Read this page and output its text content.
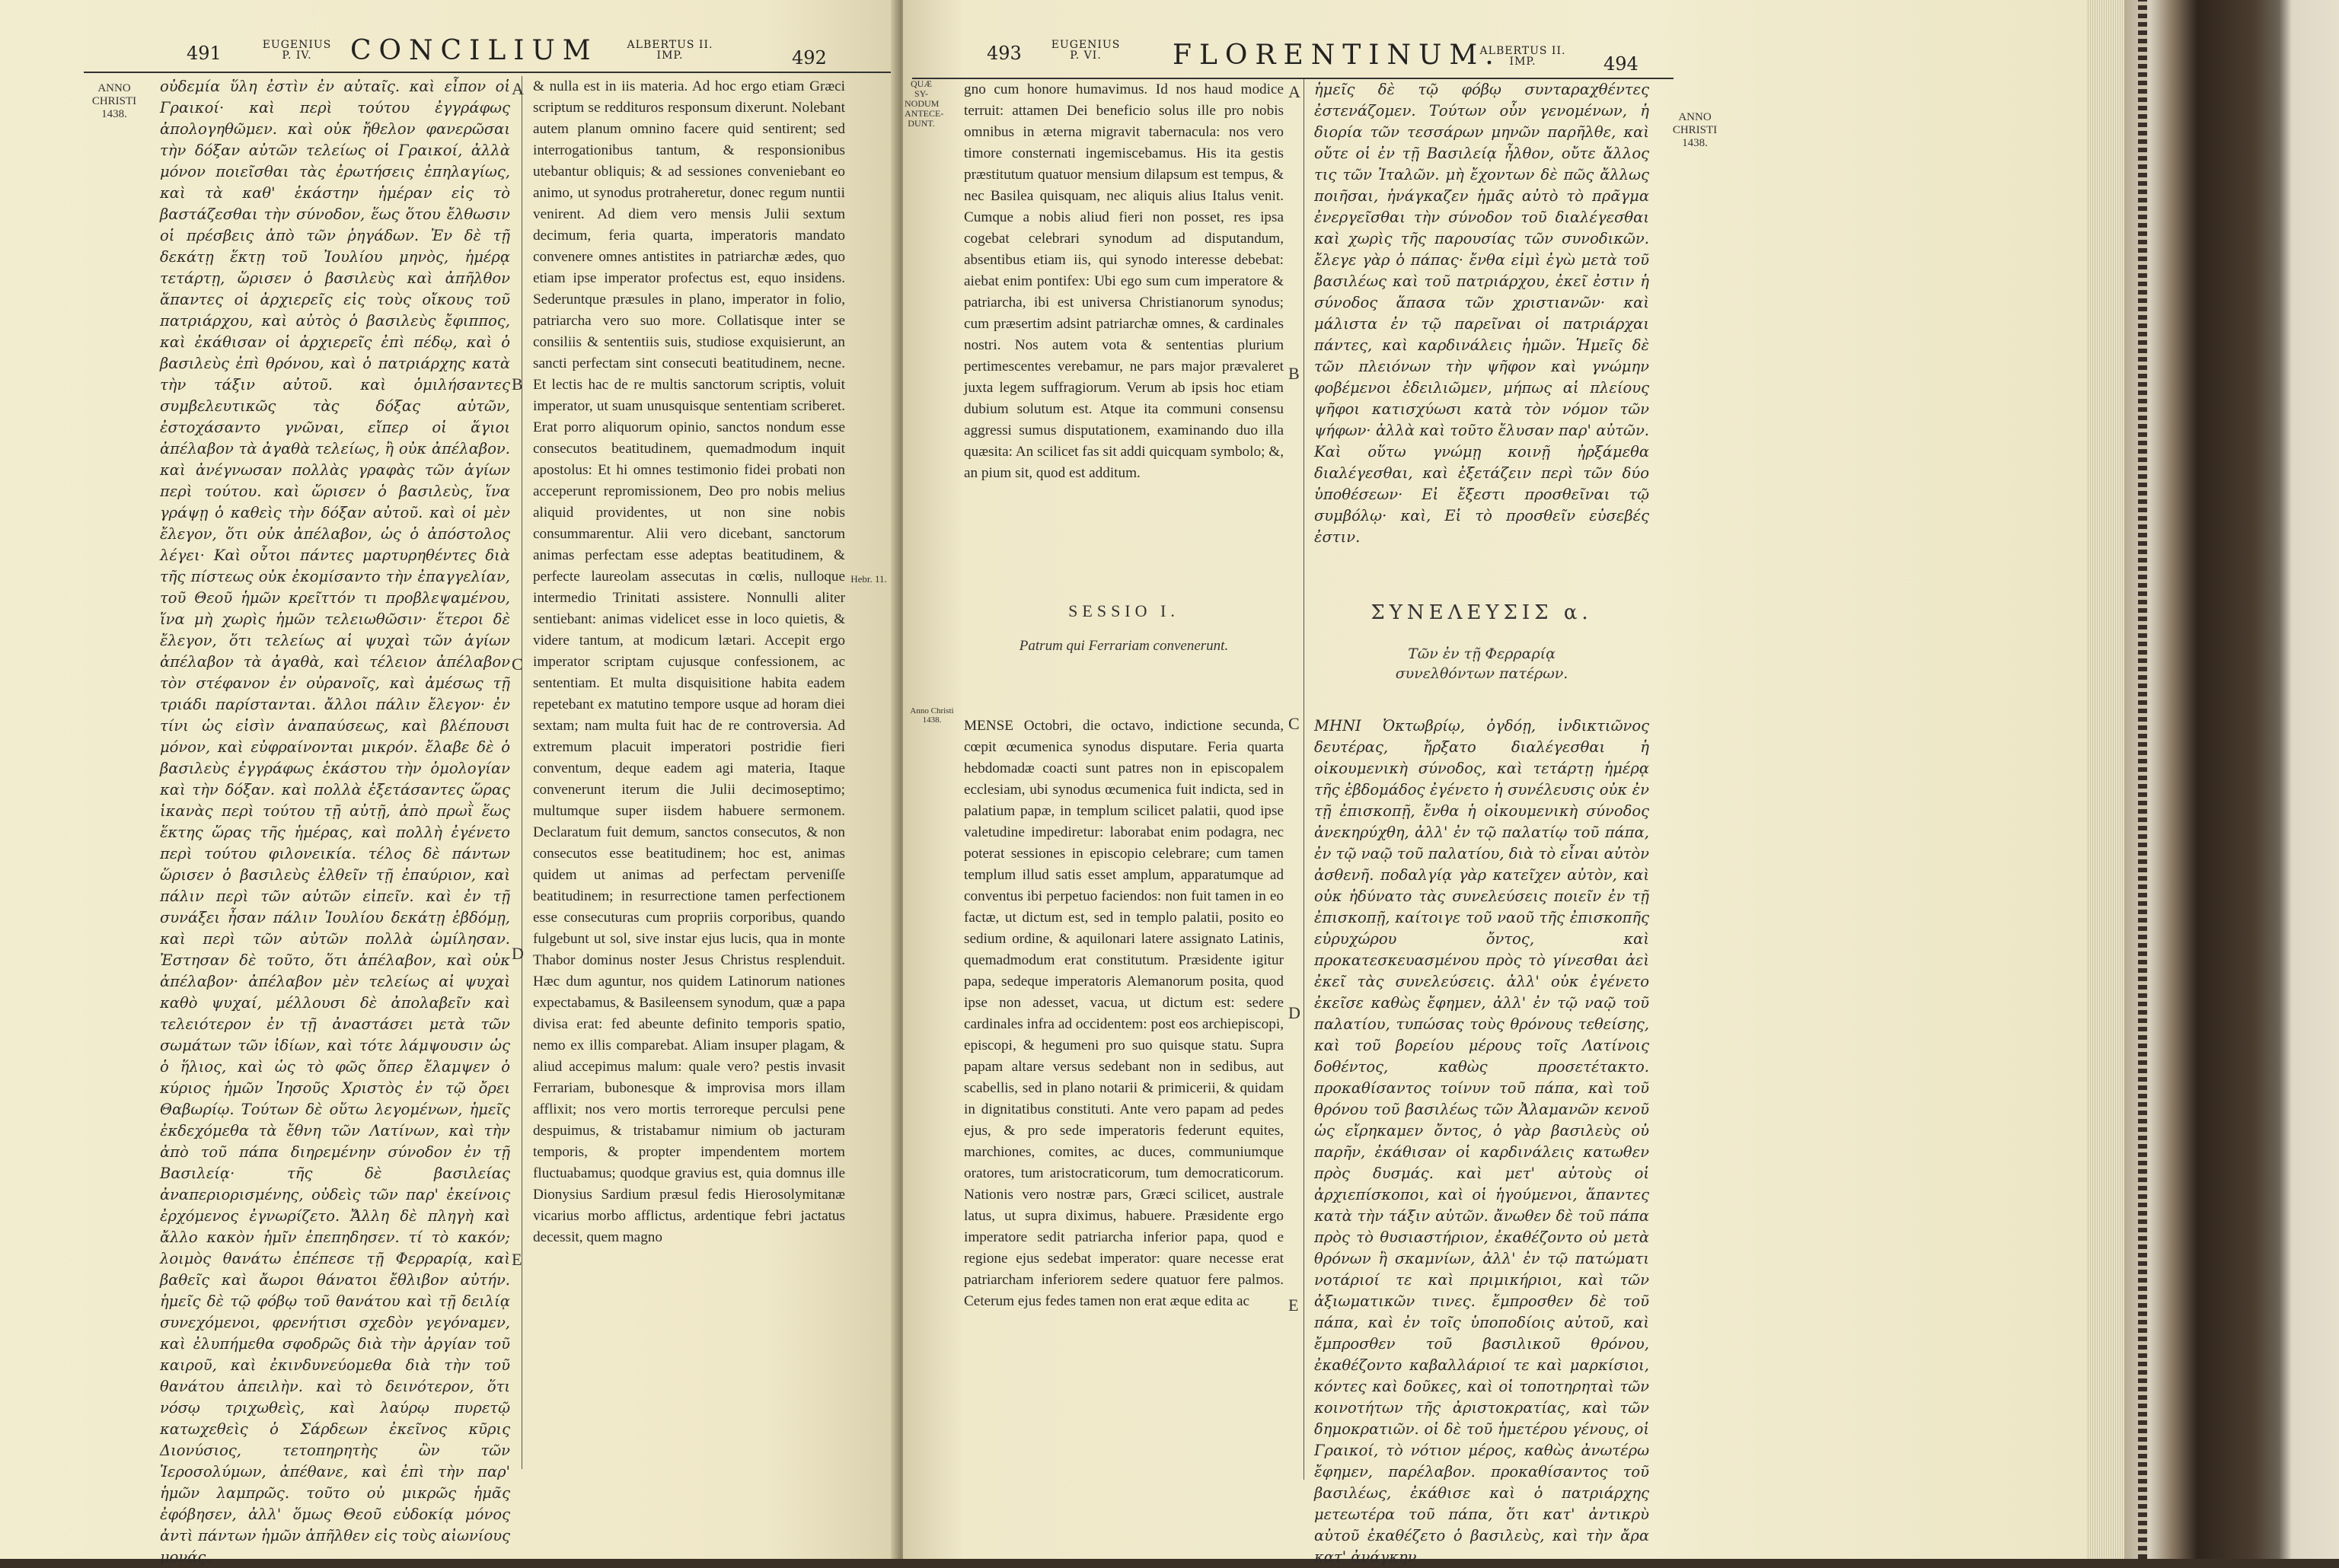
491	EUGENIUS
P. IV.	CONCILIUM	ALBERTUS II.
IMP.	492
ANNO CHRISTI 1438.

οὐδεμία ὕλη ἐστὶν ἐν αὐταῖς. καὶ εἶπον οἱ Γραικοί· καὶ περὶ τούτου ἐγγράφως ἀπολογηθῶμεν. καὶ οὐκ ἤθελον φανερῶσαι τὴν δόξαν αὐτῶν τελείως οἱ Γραικοί, ἀλλὰ μόνον ποιεῖσθαι τὰς ἐρωτήσεις ἐπηλαγίως, καὶ τὰ καθ' ἑκάστην ἡμέραν εἰς τὸ βαστάζεσθαι τὴν σύνοδον, ἕως ὅτου ἔλθωσιν οἱ πρέσβεις ἀπὸ τῶν ῥηγάδων. Ἐν δὲ τῇ δεκάτῃ ἕκτῃ τοῦ Ἰουλίου μηνὸς, ἡμέρᾳ τετάρτῃ, ὥρισεν ὁ βασιλεὺς καὶ ἀπῆλθον ἅπαντες οἱ ἀρχιερεῖς εἰς τοὺς οἴκους τοῦ πατριάρχου, καὶ αὐτὸς ὁ βασιλεὺς ἔφιππος, καὶ ἐκάθισαν οἱ ἀρχιερεῖς ἐπὶ πέδῳ, καὶ ὁ βασιλεὺς ἐπὶ θρόνου, καὶ ὁ πατριάρχης κατὰ τὴν τάξιν αὐτοῦ. καὶ ὁμιλήσαντες συμβελευτικῶς τὰς δόξας αὐτῶν, ἐστοχάσαντο γνῶναι, εἴπερ οἱ ἅγιοι ἀπέλαβον τὰ ἀγαθὰ τελείως, ἢ οὐκ ἀπέλαβον. καὶ ἀνέγνωσαν πολλὰς γραφὰς τῶν ἁγίων περὶ τούτου. καὶ ὥρισεν ὁ βασιλεὺς, ἵνα γράψῃ ὁ καθεὶς τὴν δόξαν αὐτοῦ. καὶ οἱ μὲν ἔλεγον, ὅτι οὐκ ἀπέλαβον, ὡς ὁ ἀπόστολος λέγει· Καὶ οὗτοι πάντες μαρτυρηθέντες διὰ τῆς πίστεως οὐκ ἐκομίσαντο τὴν ἐπαγγελίαν, τοῦ Θεοῦ ἡμῶν κρεῖττόν τι προβλεψαμένου, ἵνα μὴ χωρὶς ἡμῶν τελειωθῶσιν· ἕτεροι δὲ ἔλεγον, ὅτι τελείως αἱ ψυχαὶ τῶν ἁγίων ἀπέλαβον τὰ ἀγαθὰ, καὶ τέλειον ἀπέλαβον τὸν στέφανον ἐν οὐρανοῖς, καὶ ἀμέσως τῇ τριάδι παρίστανται. ἄλλοι πάλιν ἔλεγον· ἐν τίνι ὡς εἰσὶν ἀναπαύσεως, καὶ βλέπουσι μόνον, καὶ εὐφραίνονται μικρόν. ἔλαβε δὲ ὁ βασιλεὺς ἐγγράφως ἑκάστου τὴν ὁμολογίαν καὶ τὴν δόξαν. καὶ πολλὰ ἐξετάσαντες ὥρας ἱκανὰς περὶ τούτου τῇ αὐτῇ, ἀπὸ πρωῒ ἕως ἕκτης ὥρας τῆς ἡμέρας, καὶ πολλὴ ἐγένετο περὶ τούτου φιλονεικία. τέλος δὲ πάντων ὥρισεν ὁ βασιλεὺς ἐλθεῖν τῇ ἐπαύριον, καὶ πάλιν περὶ τῶν αὐτῶν εἰπεῖν. καὶ ἐν τῇ συνάξει ἦσαν πάλιν Ἰουλίου δεκάτῃ ἑβδόμῃ, καὶ περὶ τῶν αὐτῶν πολλὰ ὡμίλησαν. Ἐστησαν δὲ τοῦτο, ὅτι ἀπέλαβον, καὶ οὐκ ἀπέλαβον· ἀπέλαβον μὲν τελείως αἱ ψυχαὶ καθὸ ψυχαί, μέλλουσι δὲ ἀπολαβεῖν καὶ τελειότερον ἐν τῇ ἀναστάσει μετὰ τῶν σωμάτων τῶν ἰδίων, καὶ τότε λάμψουσιν ὡς ὁ ἥλιος, καὶ ὡς τὸ φῶς ὅπερ ἔλαμψεν ὁ κύριος ἡμῶν Ἰησοῦς Χριστὸς ἐν τῷ ὄρει Θαβωρίῳ. Τούτων δὲ οὕτω λεγομένων, ἡμεῖς ἐκδεχόμεθα τὰ ἔθνη τῶν Λατίνων, καὶ τὴν ἀπὸ τοῦ πάπα διηρεμένην σύνοδον ἐν τῇ Βασιλείᾳ· τῆς δὲ βασιλείας ἀναπεριορισμένης, οὐδεὶς τῶν παρ' ἐκείνοις ἐρχόμενος ἐγνωρίζετο. Ἄλλη δὲ πληγὴ καὶ ἄλλο κακὸν ἡμῖν ἐπεπηδησεν. τί τὸ κακόν; λοιμὸς θανάτω ἐπέπεσε τῇ Φερραρίᾳ, καὶ βαθεῖς καὶ ἄωροι θάνατοι ἔθλιβον αὐτήν. ἡμεῖς δὲ τῷ φόβῳ τοῦ θανάτου καὶ τῇ δειλίᾳ συνεχόμενοι, φρενήτισι σχεδὸν γεγόναμεν, καὶ ἐλυπήμεθα σφοδρῶς διὰ τὴν ἀργίαν τοῦ καιροῦ, καὶ ἐκινδυνεύομεθα διὰ τὴν τοῦ θανάτου ἀπειλὴν. καὶ τὸ δεινότερον, ὅτι νόσῳ τριχωθεὶς, καὶ λαύρῳ πυρετῷ κατωχεθεὶς ὁ Σάρδεων ἐκεῖνος κῦρις Διονύσιος, τετοπηρητὴς ὢν τῶν Ἱεροσολύμων, ἀπέθανε, καὶ ἐπὶ τὴν παρ' ἡμῶν λαμπρῶς. τοῦτο οὐ μικρῶς ἡμᾶς ἐφόβησεν, ἀλλ' ὅμως Θεοῦ εὐδοκίᾳ μόνος ἀντὶ πάντων ἡμῶν ἀπῆλθεν εἰς τοὺς αἰωνίους μονάς.

A
B
C
D
E

& nulla est in iis materia. Ad hoc ergo etiam Græci scriptum se reddituros responsum dixerunt. Nolebant autem planum omnino facere quid sentirent; sed interrogationibus tantum, & responsionibus utebantur obliquis; & ad sessiones conveniebant eo animo, ut synodus protraheretur, donec regum nuntii venirent. Ad diem vero mensis Julii sextum decimum, feria quarta, imperatoris mandato convenere omnes antistites in patriarchæ ædes, quo etiam ipse imperator profectus est, equo insidens. Sederuntque præsules in plano, imperator in folio, patriarcha vero suo more. Collatisque inter se consiliis & sententiis suis, studiose exquisierunt, an sancti perfectam sint consecuti beatitudinem, necne. Et lectis hac de re multis sanctorum scriptis, voluit imperator, ut suam unusquisque sententiam scriberet. Erat porro aliquorum opinio, sanctos nondum esse consecutos beatitudinem, quemadmodum inquit apostolus: Et hi omnes testimonio fidei probati non acceperunt repromissionem, Deo pro nobis melius aliquid providentes, ut non sine nobis consummarentur. Alii vero dicebant, sanctorum animas perfectam esse adeptas beatitudinem, & perfecte laureolam assecutas in cœlis, nulloque intermedio Trinitati assistere. Nonnulli aliter sentiebant: animas videlicet esse in loco quietis, & videre tantum, at modicum lætari. Accepit ergo imperator scriptam cujusque confessionem, ac sententiam. Et multa disquisitione habita eadem repetebant ex matutino tempore usque ad horam diei sextam; nam multa fuit hac de re controversia. Ad extremum placuit imperatori postridie fieri conventum, deque eadem agi materia, Itaque convenerunt iterum die Julii decimoseptimo; multumque super iisdem habuere sermonem. Declaratum fuit demum, sanctos consecutos, & non consecutos esse beatitudinem; hoc est, animas quidem ut animas ad perfectam perveniſſe beatitudinem; in resurrectione tamen perfectionem esse consecuturas cum propriis corporibus, quando fulgebunt ut sol, sive instar ejus lucis, qua in monte Thabor dominus noster Jesus Christus resplenduit. Hæc dum aguntur, nos quidem Latinorum nationes expectabamus, & Basileensem synodum, quæ a papa divisa erat: fed abeunte definito temporis spatio, nemo ex illis comparebat. Aliam insuper plagam, & aliud accepimus malum: quale vero? pestis invasit Ferrariam, bubonesque & improvisa mors illam afflixit; nos vero mortis terroreque perculsi pene despuimus, & tristabamur nimium ob jacturam temporis, & propter impendentem mortem fluctuabamus; quodque gravius est, quia domnus ille Dionysius Sardium præsul fedis Hierosolymitanæ vicarius morbo afflictus, ardentique febri jactatus decessit, quem magno

Hebr. 11.
493	EUGENIUS
P. VI.	FLORENTINUM.
ALBERTUS II.
IMP.	494
QUÆ SY-NODUM ANTECE-DUNT.	ANNO CHRISTI 1438.

gno cum honore humavimus. Id nos haud modice terruit: attamen Dei beneficio solus ille pro nobis omnibus in æterna migravit tabernacula: nos vero timore consternati ingemiscebamus. His ita gestis præstitutum quatuor mensium dilapsum est tempus, & nec Basilea quisquam, nec aliquis alius Italus venit. Cumque a nobis aliud fieri non posset, res ipsa cogebat celebrari synodum ad disputandum, absentibus etiam iis, qui synodo interesse debebat: aiebat enim pontifex: Ubi ego sum cum imperatore & patriarcha, ibi est universa Christianorum synodus; cum præsertim adsint patriarchæ omnes, & cardinales nostri. Nos autem vota & sententias plurium pertimescentes verebamur, ne pars major prævaleret juxta legem suffragiorum. Verum ab ipsis hoc etiam dubium solutum est. Atque ita communi consensu aggressi sumus disputationem, examinando duo illa quæsita: An scilicet fas sit addi quicquam symbolo; &, an pium sit, quod est additum.

A
B

ἡμεῖς δὲ τῷ φόβῳ συνταραχθέντες ἐστενάζομεν. Τούτων οὖν γενομένων, ἡ διορία τῶν τεσσάρων μηνῶν παρῆλθε, καὶ οὔτε οἱ ἐν τῇ Βασιλείᾳ ἦλθον, οὔτε ἄλλος τις τῶν Ἰταλῶν. μὴ ἔχοντων δὲ πῶς ἄλλως ποιῆσαι, ἠνάγκαζεν ἡμᾶς αὐτὸ τὸ πρᾶγμα ἐνεργεῖσθαι τὴν σύνοδον τοῦ διαλέγεσθαι καὶ χωρὶς τῆς παρουσίας τῶν συνοδικῶν. ἔλεγε γὰρ ὁ πάπας· ἔνθα εἰμὶ ἐγὼ μετὰ τοῦ βασιλέως καὶ τοῦ πατριάρχου, ἐκεῖ ἐστιν ἡ σύνοδος ἅπασα τῶν χριστιανῶν· καὶ μάλιστα ἐν τῷ παρεῖναι οἱ πατριάρχαι πάντες, καὶ καρδινάλεις ἡμῶν. Ἡμεῖς δὲ τῶν πλειόνων τὴν ψῆφον καὶ γνώμην φοβέμενοι ἐδειλιῶμεν, μήπως αἱ πλείους ψῆφοι κατισχύωσι κατὰ τὸν νόμον τῶν ψήφων· ἀλλὰ καὶ τοῦτο ἔλυσαν παρ' αὐτῶν. Καὶ οὕτω γνώμῃ κοινῇ ἠρξάμεθα διαλέγεσθαι, καὶ ἐξετάζειν περὶ τῶν δύο ὑποθέσεων· Εἰ ἔξεστι προσθεῖναι τῷ συμβόλῳ· καὶ, Εἰ τὸ προσθεῖν εὐσεβές ἐστιν.

SESSIO I.
Patrum qui Ferrariam convenerunt.
ΣΥΝΕΛΕΥΣΙΣ α.
Τῶν ἐν τῇ Φερραρίᾳ συνελθόντων πατέρων.
Anno Christi 1438.	C
D
E

MENSE Octobri, die octavo, indictione secunda, cœpit œcumenica synodus disputare. Feria quarta hebdomadæ coacti sunt patres non in episcopalem ecclesiam, ubi synodus œcumenica fuit indicta, sed in palatium papæ, in templum scilicet palatii, quod ipse valetudine impediretur: laborabat enim podagra, nec poterat sessiones in episcopio celebrare; cum tamen templum illud satis esset amplum, apparatumque ad conventus ibi perpetuo faciendos: non fuit tamen in eo factæ, ut dictum est, sed in templo palatii, posito eo sedium ordine, & aquilonari latere assignato Latinis, quemadmodum erat constitutum. Præsidente igitur papa, sedeque imperatoris Alemanorum posita, quod ipse non adesset, vacua, ut dictum est: sedere cardinales infra ad occidentem: post eos archiepiscopi, episcopi, & hegumeni pro suo quisque statu. Supra papam altare versus sedebant non in sedibus, aut scabellis, sed in plano notarii & primicerii, & quidam in dignitatibus constituti. Ante vero papam ad pedes ejus, & pro sede imperatoris federunt equites, marchiones, comites, ac duces, communiumque oratores, tum aristocraticorum, tum democraticorum. Nationis vero nostræ pars, Græci scilicet, australe latus, ut supra diximus, habuere. Præsidente ergo imperatore sedit patriarcha inferior papa, quod e regione ejus sedebat imperator: quare necesse erat patriarcham inferiorem sedere quatuor fere palmos. Ceterum ejus fedes tamen non erat æque edita ac

ΜΗΝΙ Ὀκτωβρίῳ, ὀγδόῃ, ἰνδικτιῶνος δευτέρας, ἤρξατο διαλέγεσθαι ἡ οἰκουμενικὴ σύνοδος, καὶ τετάρτῃ ἡμέρᾳ τῆς ἑβδομάδος ἐγένετο ἡ συνέλευσις οὐκ ἐν τῇ ἐπισκοπῇ, ἔνθα ἡ οἰκουμενικὴ σύνοδος ἀνεκηρύχθη, ἀλλ' ἐν τῷ παλατίῳ τοῦ πάπα, ἐν τῷ ναῷ τοῦ παλατίου, διὰ τὸ εἶναι αὐτὸν ἀσθενῆ. ποδαλγίᾳ γὰρ κατεῖχεν αὐτὸν, καὶ οὐκ ἠδύνατο τὰς συνελεύσεις ποιεῖν ἐν τῇ ἐπισκοπῇ, καίτοιγε τοῦ ναοῦ τῆς ἐπισκοπῆς εὐρυχώρου ὄντος, καὶ προκατεσκευασμένου πρὸς τὸ γίνεσθαι ἀεὶ ἐκεῖ τὰς συνελεύσεις. ἀλλ' οὐκ ἐγένετο ἐκεῖσε καθὼς ἔφημεν, ἀλλ' ἐν τῷ ναῷ τοῦ παλατίου, τυπώσας τοὺς θρόνους τεθείσης, καὶ τοῦ βορείου μέρους τοῖς Λατίνοις δοθέντος, καθὼς προσετέτακτο. προκαθίσαντος τοίνυν τοῦ πάπα, καὶ τοῦ θρόνου τοῦ βασιλέως τῶν Ἀλαμανῶν κενοῦ ὡς εἴρηκαμεν ὄντος, ὁ γὰρ βασιλεὺς οὐ παρῆν, ἐκάθισαν οἱ καρδινάλεις κατωθεν πρὸς δυσμάς. καὶ μετ' αὐτοὺς οἱ ἀρχιεπίσκοποι, καὶ οἱ ἡγούμενοι, ἅπαντες κατὰ τὴν τάξιν αὐτῶν. ἄνωθεν δὲ τοῦ πάπα πρὸς τὸ θυσιαστήριον, ἐκαθέζοντο οὐ μετὰ θρόνων ἢ σκαμνίων, ἀλλ' ἐν τῷ πατώματι νοτάριοί τε καὶ πριμικήριοι, καὶ τῶν ἀξιωματικῶν τινες. ἔμπροσθεν δὲ τοῦ πάπα, καὶ ἐν τοῖς ὑποποδίοις αὐτοῦ, καὶ ἔμπροσθεν τοῦ βασιλικοῦ θρόνου, ἐκαθέζοντο καβαλλάριοί τε καὶ μαρκίσιοι, κόντες καὶ δοῦκες, καὶ οἱ τοποτηρηταὶ τῶν κοινοτήτων τῆς ἀριστοκρατίας, καὶ τῶν δημοκρατιῶν. οἱ δὲ τοῦ ἡμετέρου γένους, οἱ Γραικοί, τὸ νότιον μέρος, καθὼς ἀνωτέρω ἔφημεν, παρέλαβον. προκαθίσαντος τοῦ βασιλέως, ἐκάθισε καὶ ὁ πατριάρχης μετεωτέρα τοῦ πάπα, ὅτι κατ' ἀντικρὺ αὐτοῦ ἐκαθέζετο ὁ βασιλεὺς, καὶ τὴν ἄρα κατ' ἀνάγκην
